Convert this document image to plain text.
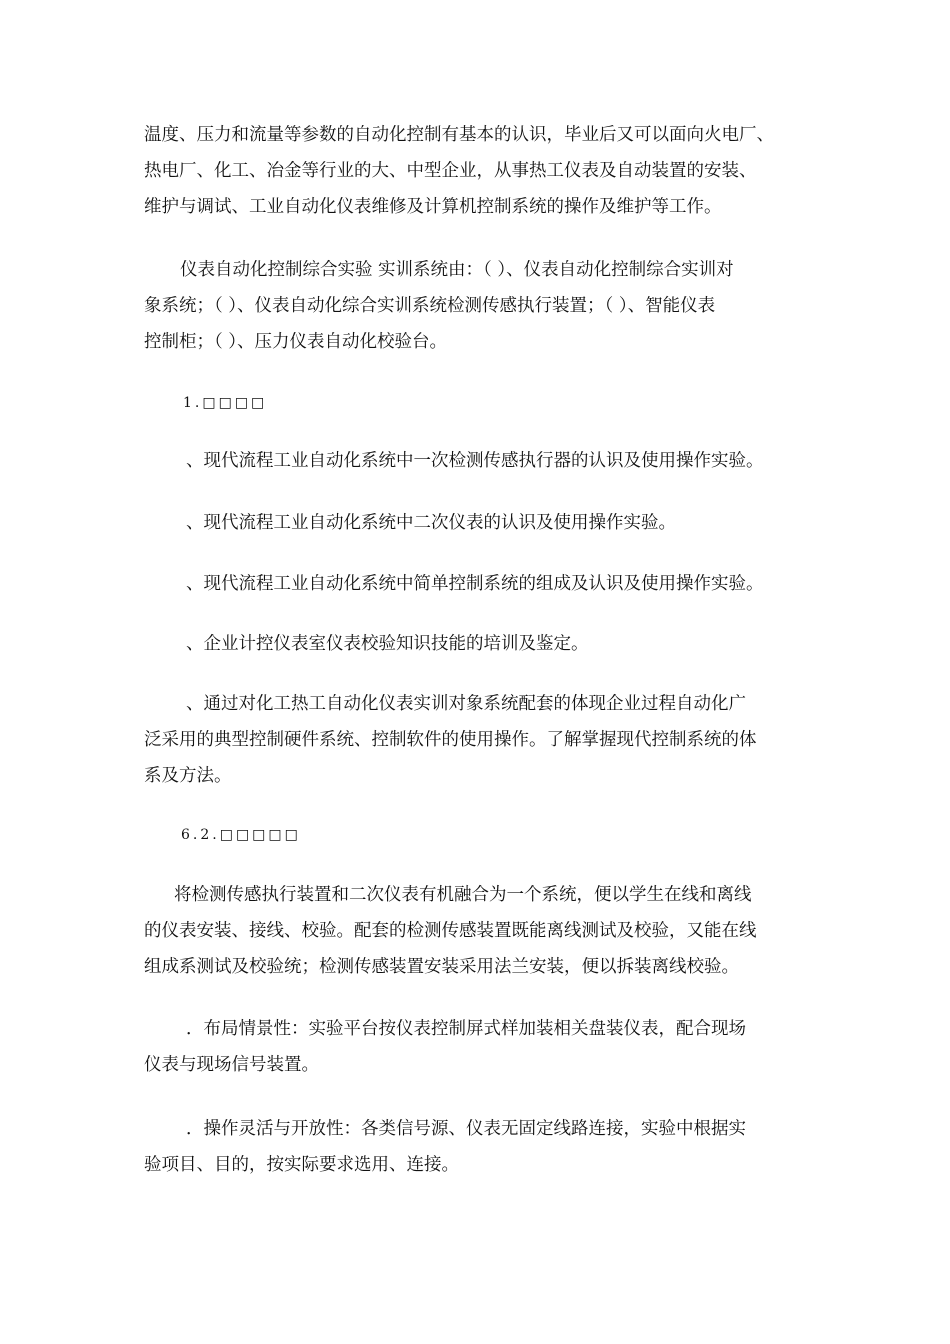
温度、压力和流量等参数的自动化控制有基本的认识，毕业后又可以面向火电厂、
热电厂、化工、冶金等行业的大、中型企业，从事热工仪表及自动装置的安装、
维护与调试、工业自动化仪表维修及计算机控制系统的操作及维护等工作。

仪表自动化控制综合实验 实训系统由：（ ）、仪表自动化控制综合实训对
象系统；（ ）、仪表自动化综合实训系统检测传感执行装置；（ ）、智能仪表
控制柜；（ ）、压力仪表自动化校验台。

1.□□□□

、现代流程工业自动化系统中一次检测传感执行器的认识及使用操作实验。

、现代流程工业自动化系统中二次仪表的认识及使用操作实验。

、现代流程工业自动化系统中简单控制系统的组成及认识及使用操作实验。

、企业计控仪表室仪表校验知识技能的培训及鉴定。

、通过对化工热工自动化仪表实训对象系统配套的体现企业过程自动化广
泛采用的典型控制硬件系统、控制软件的使用操作。了解掌握现代控制系统的体
系及方法。

6.2.□□□□□

将检测传感执行装置和二次仪表有机融合为一个系统，便以学生在线和离线
的仪表安装、接线、校验。配套的检测传感装置既能离线测试及校验，又能在线
组成系测试及校验统；检测传感装置安装采用法兰安装，便以拆装离线校验。

．布局情景性：实验平台按仪表控制屏式样加装相关盘装仪表，配合现场
仪表与现场信号装置。

．操作灵活与开放性：各类信号源、仪表无固定线路连接，实验中根据实
验项目、目的，按实际要求选用、连接。
